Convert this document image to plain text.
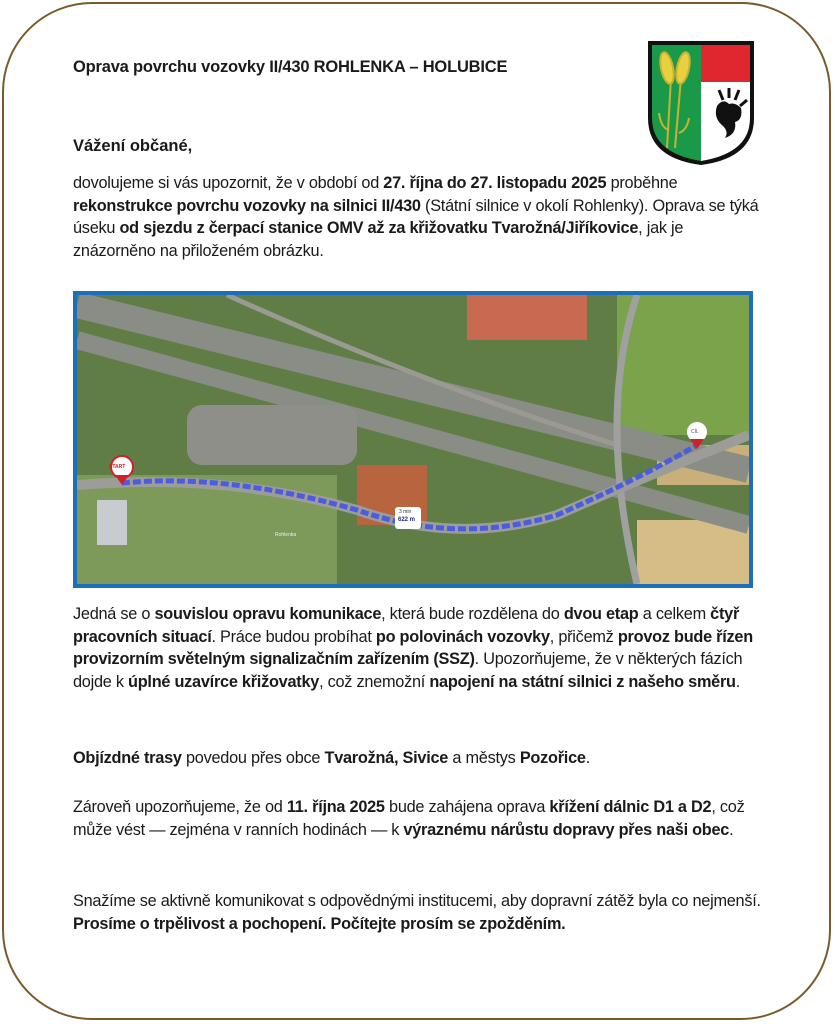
Oprava povrchu vozovky II/430 ROHLENKA – HOLUBICE
Vážení občané,
dovolujeme si vás upozornit, že v období od 27. října do 27. listopadu 2025 proběhne rekonstrukce povrchu vozovky na silnici II/430 (Státní silnice v okolí Rohlenky). Oprava se týká úseku od sjezdu z čerpací stanice OMV až za křižovatku Tvarožná/Jiříkovice, jak je znázorněno na přiloženém obrázku.
START
CÍL
3 min
622 m
Rohlenka
Jedná se o souvislou opravu komunikace, která bude rozdělena do dvou etap a celkem čtyř pracovních situací. Práce budou probíhat po polovinách vozovky, přičemž provoz bude řízen provizorním světelným signalizačním zařízením (SSZ). Upozorňujeme, že v některých fázích dojde k úplné uzavírce křižovatky, což znemožní napojení na státní silnici z našeho směru.
Objízdné trasy povedou přes obce Tvarožná, Sivice a městys Pozořice.
Zároveň upozorňujeme, že od 11. října 2025 bude zahájena oprava křížení dálnic D1 a D2, což může vést — zejména v ranních hodinách — k výraznému nárůstu dopravy přes naši obec.
Snažíme se aktivně komunikovat s odpovědnými institucemi, aby dopravní zátěž byla co nejmenší. Prosíme o trpělivost a pochopení. Počítejte prosím se zpožděním.
